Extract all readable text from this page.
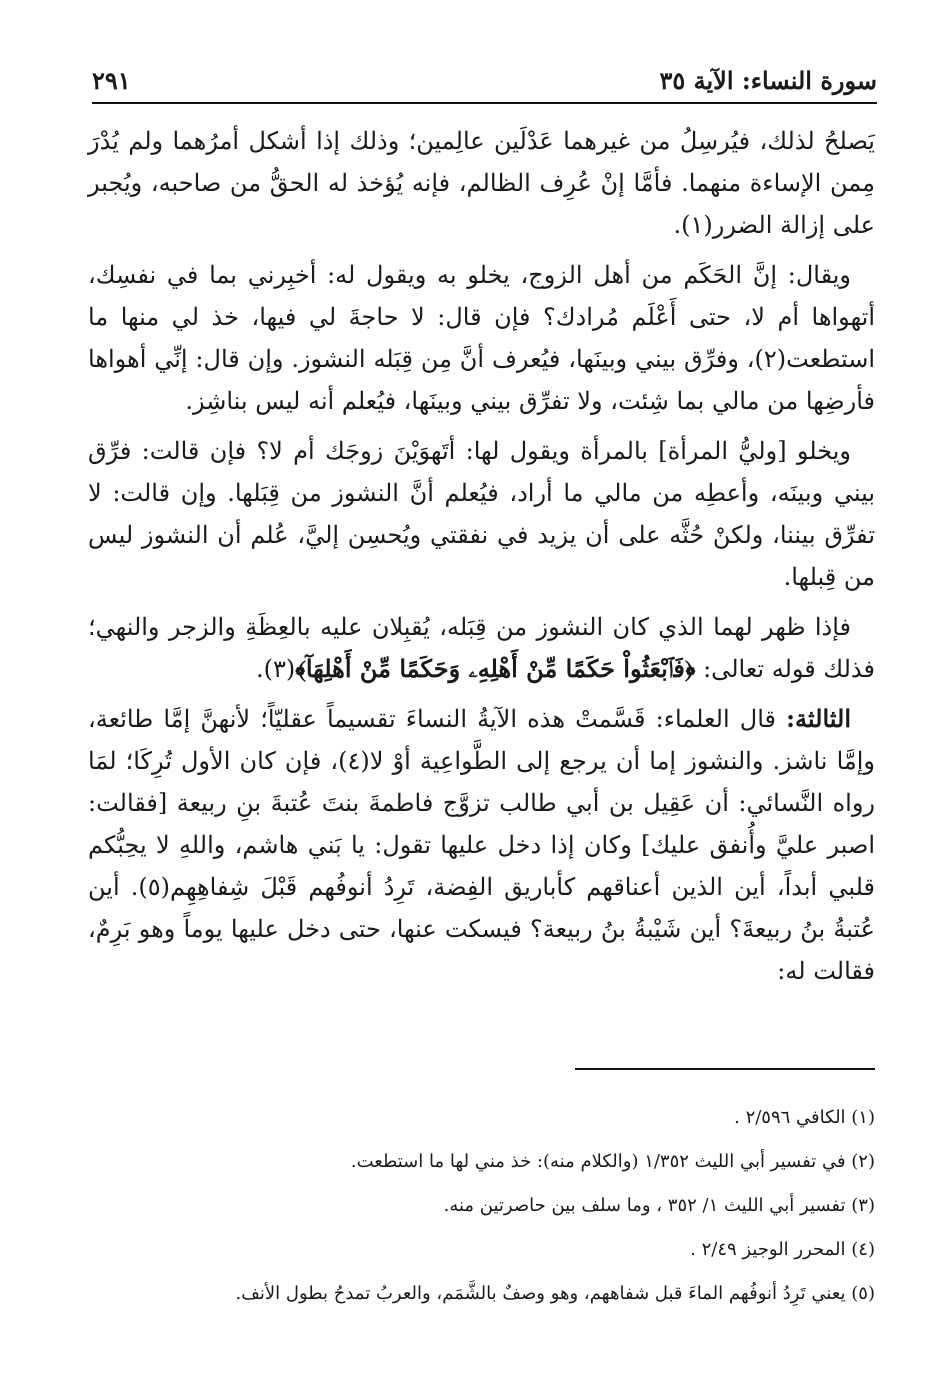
٢٩١	سورة النساء: الآية ٣٥

يَصلحُ لذلك، فيُرسِلُ من غيرهما عَدْلَين عالِمين؛ وذلك إذا أشكل أمرُهما ولم يُدْرَ مِمن الإساءة منهما. فأمَّا إنْ عُرِف الظالم، فإنه يُؤخذ له الحقُّ من صاحبه، ويُجبر على إزالة الضرر(١).

ويقال: إنَّ الحَكَم من أهل الزوج، يخلو به ويقول له: أخبِرني بما في نفسِك، أتهواها أم لا، حتى أَعْلَم مُرادك؟ فإن قال: لا حاجةَ لي فيها، خذ لي منها ما استطعت(٢)، وفرِّق بيني وبينَها، فيُعرف أنَّ مِن قِبَله النشوز. وإن قال: إنِّي أهواها فأرضِها من مالي بما شِئت، ولا تفرِّق بيني وبينَها، فيُعلم أنه ليس بناشِز.

ويخلو [وليُّ المرأة] بالمرأة ويقول لها: أتَهوَيْنَ زوجَك أم لا؟ فإن قالت: فرِّق بيني وبينَه، وأعطِه من مالي ما أراد، فيُعلم أنَّ النشوز من قِبَلها. وإن قالت: لا تفرِّق بيننا، ولكنْ حُثَّه على أن يزيد في نفقتي ويُحسِن إليَّ، عُلم أن النشوز ليس من قِبلها.

فإذا ظهر لهما الذي كان النشوز من قِبَله، يُقبِلان عليه بالعِظَةِ والزجر والنهي؛ فذلك قوله تعالى: ﴿فَٱبْعَثُواْ حَكَمًا مِّنْ أَهْلِهِۦ وَحَكَمًا مِّنْ أَهْلِهَآ﴾(٣).

الثالثة: قال العلماء: قَسَّمتْ هذه الآيةُ النساءَ تقسيماً عقليّاً؛ لأنهنَّ إمَّا طائعة، وإمَّا ناشز. والنشوز إما أن يرجع إلى الطَّواعِية أوْ لا(٤)، فإن كان الأول تُرِكَا؛ لمَا رواه النَّسائي: أن عَقِيل بن أبي طالب تزوَّج فاطمةَ بنتَ عُتبةَ بنِ ربيعة [فقالت: اصبر عليَّ وأُنفق عليك] وكان إذا دخل عليها تقول: يا بَني هاشم، واللهِ لا يحِبُّكم قلبي أبداً، أين الذين أعناقهم كأباريق الفِضة، تَرِدُ أنوفُهم قَبْلَ شِفاهِهِم(٥). أين عُتبةُ بنُ ربيعةَ؟ أين شَيْبةُ بنُ ربيعة؟ فيسكت عنها، حتى دخل عليها يوماً وهو بَرِمٌ، فقالت له:

(١) الكافي ٢/٥٩٦ .
(٢) في تفسير أبي الليث ١/٣٥٢ (والكلام منه): خذ مني لها ما استطعت.
(٣) تفسير أبي الليث ١/ ٣٥٢ ، وما سلف بين حاصرتين منه.
(٤) المحرر الوجيز ٢/٤٩ .
(٥) يعني تَرِدُ أنوفُهم الماءَ قبل شفاههم، وهو وصفٌ بالشَّمَم، والعربُ تمدحُ بطول الأنف.
